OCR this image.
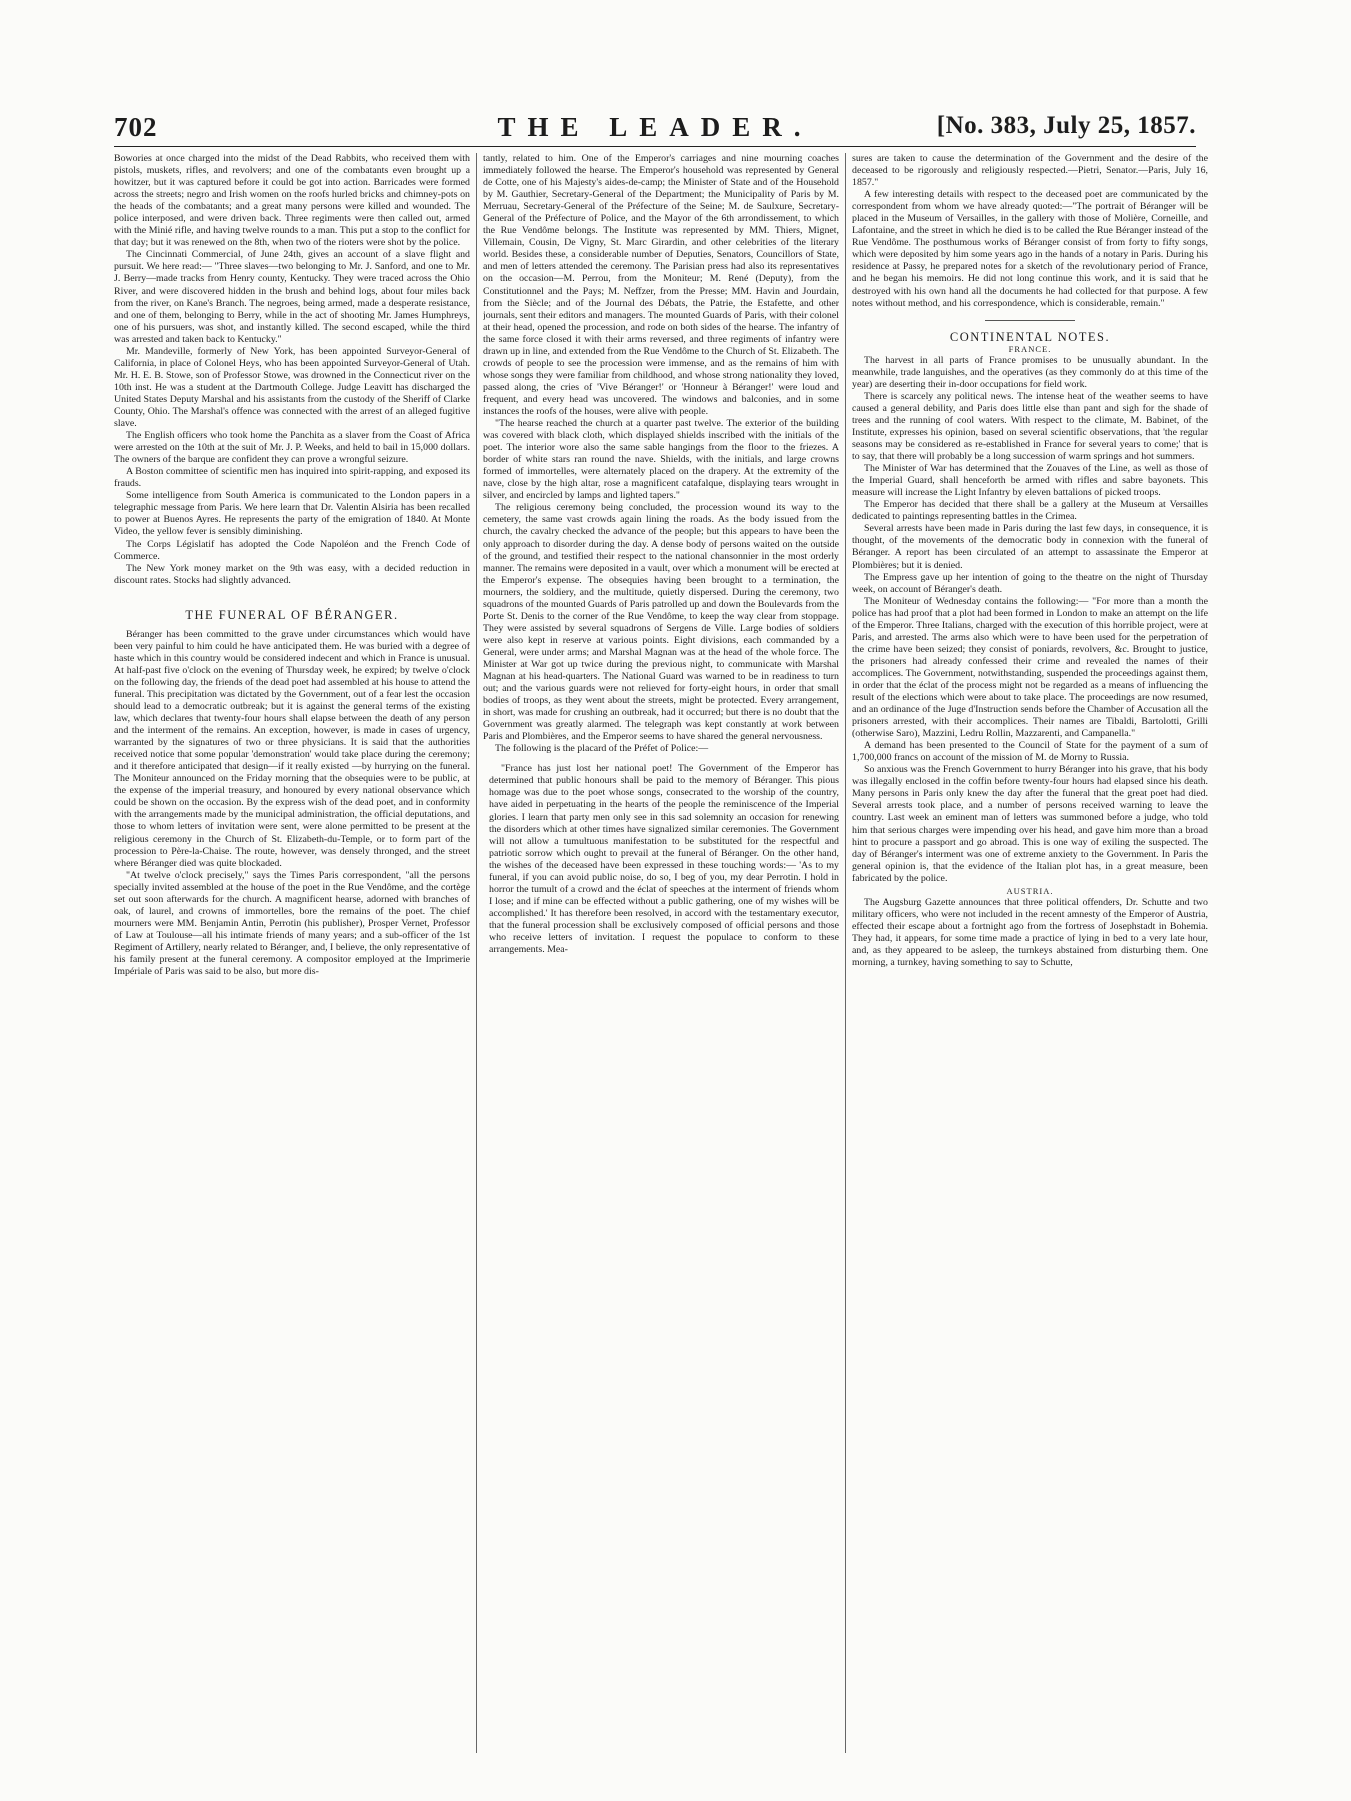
702	THE LEADER.	[No. 383, July 25, 1857.

Bowories at once charged into the midst of the Dead Rabbits, who received them with pistols, muskets, rifles, and revolvers; and one of the combatants even brought up a howitzer, but it was captured before it could be got into action. Barricades were formed across the streets; negro and Irish women on the roofs hurled bricks and chimney-pots on the heads of the combatants; and a great many persons were killed and wounded. The police interposed, and were driven back. Three regiments were then called out, armed with the Minié rifle, and having twelve rounds to a man. This put a stop to the conflict for that day; but it was renewed on the 8th, when two of the rioters were shot by the police.

The Cincinnati Commercial, of June 24th, gives an account of a slave flight and pursuit. We here read:— "Three slaves—two belonging to Mr. J. Sanford, and one to Mr. J. Berry—made tracks from Henry county, Kentucky. They were traced across the Ohio River, and were discovered hidden in the brush and behind logs, about four miles back from the river, on Kane's Branch. The negroes, being armed, made a desperate resistance, and one of them, belonging to Berry, while in the act of shooting Mr. James Humphreys, one of his pursuers, was shot, and instantly killed. The second escaped, while the third was arrested and taken back to Kentucky."

Mr. Mandeville, formerly of New York, has been appointed Surveyor-General of California, in place of Colonel Heys, who has been appointed Surveyor-General of Utah. Mr. H. E. B. Stowe, son of Professor Stowe, was drowned in the Connecticut river on the 10th inst. He was a student at the Dartmouth College. Judge Leavitt has discharged the United States Deputy Marshal and his assistants from the custody of the Sheriff of Clarke County, Ohio. The Marshal's offence was connected with the arrest of an alleged fugitive slave.

The English officers who took home the Panchita as a slaver from the Coast of Africa were arrested on the 10th at the suit of Mr. J. P. Weeks, and held to bail in 15,000 dollars. The owners of the barque are confident they can prove a wrongful seizure.

A Boston committee of scientific men has inquired into spirit-rapping, and exposed its frauds.

Some intelligence from South America is communicated to the London papers in a telegraphic message from Paris. We here learn that Dr. Valentin Alsiria has been recalled to power at Buenos Ayres. He represents the party of the emigration of 1840. At Monte Video, the yellow fever is sensibly diminishing.

The Corps Législatif has adopted the Code Napoléon and the French Code of Commerce.

The New York money market on the 9th was easy, with a decided reduction in discount rates. Stocks had slightly advanced.

THE FUNERAL OF BÉRANGER.

Béranger has been committed to the grave under circumstances which would have been very painful to him could he have anticipated them. He was buried with a degree of haste which in this country would be considered indecent and which in France is unusual. At half-past five o'clock on the evening of Thursday week, he expired; by twelve o'clock on the following day, the friends of the dead poet had assembled at his house to attend the funeral. This precipitation was dictated by the Government, out of a fear lest the occasion should lead to a democratic outbreak; but it is against the general terms of the existing law, which declares that twenty-four hours shall elapse between the death of any person and the interment of the remains. An exception, however, is made in cases of urgency, warranted by the signatures of two or three physicians. It is said that the authorities received notice that some popular 'demonstration' would take place during the ceremony; and it therefore anticipated that design—if it really existed —by hurrying on the funeral. The Moniteur announced on the Friday morning that the obsequies were to be public, at the expense of the imperial treasury, and honoured by every national observance which could be shown on the occasion. By the express wish of the dead poet, and in conformity with the arrangements made by the municipal administration, the official deputations, and those to whom letters of invitation were sent, were alone permitted to be present at the religious ceremony in the Church of St. Elizabeth-du-Temple, or to form part of the procession to Père-la-Chaise. The route, however, was densely thronged, and the street where Béranger died was quite blockaded.

"At twelve o'clock precisely," says the Times Paris correspondent, "all the persons specially invited assembled at the house of the poet in the Rue Vendôme, and the cortège set out soon afterwards for the church. A magnificent hearse, adorned with branches of oak, of laurel, and crowns of immortelles, bore the remains of the poet. The chief mourners were MM. Benjamin Antin, Perrotin (his publisher), Prosper Vernet, Professor of Law at Toulouse—all his intimate friends of many years; and a sub-officer of the 1st Regiment of Artillery, nearly related to Béranger, and, I believe, the only representative of his family present at the funeral ceremony. A compositor employed at the Imprimerie Impériale of Paris was said to be also, but more dis-

tantly, related to him. One of the Emperor's carriages and nine mourning coaches immediately followed the hearse. The Emperor's household was represented by General de Cotte, one of his Majesty's aides-de-camp; the Minister of State and of the Household by M. Gauthier, Secretary-General of the Department; the Municipality of Paris by M. Merruau, Secretary-General of the Préfecture of the Seine; M. de Saulxure, Secretary-General of the Préfecture of Police, and the Mayor of the 6th arrondissement, to which the Rue Vendôme belongs. The Institute was represented by MM. Thiers, Mignet, Villemain, Cousin, De Vigny, St. Marc Girardin, and other celebrities of the literary world. Besides these, a considerable number of Deputies, Senators, Councillors of State, and men of letters attended the ceremony. The Parisian press had also its representatives on the occasion—M. Perrou, from the Moniteur; M. René (Deputy), from the Constitutionnel and the Pays; M. Neffzer, from the Presse; MM. Havin and Jourdain, from the Siècle; and of the Journal des Débats, the Patrie, the Estafette, and other journals, sent their editors and managers. The mounted Guards of Paris, with their colonel at their head, opened the procession, and rode on both sides of the hearse. The infantry of the same force closed it with their arms reversed, and three regiments of infantry were drawn up in line, and extended from the Rue Vendôme to the Church of St. Elizabeth. The crowds of people to see the procession were immense, and as the remains of him with whose songs they were familiar from childhood, and whose strong nationality they loved, passed along, the cries of 'Vive Béranger!' or 'Honneur à Béranger!' were loud and frequent, and every head was uncovered. The windows and balconies, and in some instances the roofs of the houses, were alive with people.

"The hearse reached the church at a quarter past twelve. The exterior of the building was covered with black cloth, which displayed shields inscribed with the initials of the poet. The interior wore also the same sable hangings from the floor to the friezes. A border of white stars ran round the nave. Shields, with the initials, and large crowns formed of immortelles, were alternately placed on the drapery. At the extremity of the nave, close by the high altar, rose a magnificent catafalque, displaying tears wrought in silver, and encircled by lamps and lighted tapers."

The religious ceremony being concluded, the procession wound its way to the cemetery, the same vast crowds again lining the roads. As the body issued from the church, the cavalry checked the advance of the people; but this appears to have been the only approach to disorder during the day. A dense body of persons waited on the outside of the ground, and testified their respect to the national chansonnier in the most orderly manner. The remains were deposited in a vault, over which a monument will be erected at the Emperor's expense. The obsequies having been brought to a termination, the mourners, the soldiery, and the multitude, quietly dispersed. During the ceremony, two squadrons of the mounted Guards of Paris patrolled up and down the Boulevards from the Porte St. Denis to the corner of the Rue Vendôme, to keep the way clear from stoppage. They were assisted by several squadrons of Sergens de Ville. Large bodies of soldiers were also kept in reserve at various points. Eight divisions, each commanded by a General, were under arms; and Marshal Magnan was at the head of the whole force. The Minister at War got up twice during the previous night, to communicate with Marshal Magnan at his head-quarters. The National Guard was warned to be in readiness to turn out; and the various guards were not relieved for forty-eight hours, in order that small bodies of troops, as they went about the streets, might be protected. Every arrangement, in short, was made for crushing an outbreak, had it occurred; but there is no doubt that the Government was greatly alarmed. The telegraph was kept constantly at work between Paris and Plombières, and the Emperor seems to have shared the general nervousness.

The following is the placard of the Préfet of Police:—

"France has just lost her national poet! The Government of the Emperor has determined that public honours shall be paid to the memory of Béranger. This pious homage was due to the poet whose songs, consecrated to the worship of the country, have aided in perpetuating in the hearts of the people the reminiscence of the Imperial glories. I learn that party men only see in this sad solemnity an occasion for renewing the disorders which at other times have signalized similar ceremonies. The Government will not allow a tumultuous manifestation to be substituted for the respectful and patriotic sorrow which ought to prevail at the funeral of Béranger. On the other hand, the wishes of the deceased have been expressed in these touching words:— 'As to my funeral, if you can avoid public noise, do so, I beg of you, my dear Perrotin. I hold in horror the tumult of a crowd and the éclat of speeches at the interment of friends whom I lose; and if mine can be effected without a public gathering, one of my wishes will be accomplished.' It has therefore been resolved, in accord with the testamentary executor, that the funeral procession shall be exclusively composed of official persons and those who receive letters of invitation. I request the populace to conform to these arrangements. Mea-

sures are taken to cause the determination of the Government and the desire of the deceased to be rigorously and religiously respected.—Pietri, Senator.—Paris, July 16, 1857."

A few interesting details with respect to the deceased poet are communicated by the correspondent from whom we have already quoted:—"The portrait of Béranger will be placed in the Museum of Versailles, in the gallery with those of Molière, Corneille, and Lafontaine, and the street in which he died is to be called the Rue Béranger instead of the Rue Vendôme. The posthumous works of Béranger consist of from forty to fifty songs, which were deposited by him some years ago in the hands of a notary in Paris. During his residence at Passy, he prepared notes for a sketch of the revolutionary period of France, and he began his memoirs. He did not long continue this work, and it is said that he destroyed with his own hand all the documents he had collected for that purpose. A few notes without method, and his correspondence, which is considerable, remain."

CONTINENTAL NOTES.
FRANCE.

The harvest in all parts of France promises to be unusually abundant. In the meanwhile, trade languishes, and the operatives (as they commonly do at this time of the year) are deserting their in-door occupations for field work.

There is scarcely any political news. The intense heat of the weather seems to have caused a general debility, and Paris does little else than pant and sigh for the shade of trees and the running of cool waters. With respect to the climate, M. Babinet, of the Institute, expresses his opinion, based on several scientific observations, that 'the regular seasons may be considered as re-established in France for several years to come;' that is to say, that there will probably be a long succession of warm springs and hot summers.

The Minister of War has determined that the Zouaves of the Line, as well as those of the Imperial Guard, shall henceforth be armed with rifles and sabre bayonets. This measure will increase the Light Infantry by eleven battalions of picked troops.

The Emperor has decided that there shall be a gallery at the Museum at Versailles dedicated to paintings representing battles in the Crimea.

Several arrests have been made in Paris during the last few days, in consequence, it is thought, of the movements of the democratic body in connexion with the funeral of Béranger. A report has been circulated of an attempt to assassinate the Emperor at Plombières; but it is denied.

The Empress gave up her intention of going to the theatre on the night of Thursday week, on account of Béranger's death.

The Moniteur of Wednesday contains the following:— "For more than a month the police has had proof that a plot had been formed in London to make an attempt on the life of the Emperor. Three Italians, charged with the execution of this horrible project, were at Paris, and arrested. The arms also which were to have been used for the perpetration of the crime have been seized; they consist of poniards, revolvers, &c. Brought to justice, the prisoners had already confessed their crime and revealed the names of their accomplices. The Government, notwithstanding, suspended the proceedings against them, in order that the éclat of the process might not be regarded as a means of influencing the result of the elections which were about to take place. The proceedings are now resumed, and an ordinance of the Juge d'Instruction sends before the Chamber of Accusation all the prisoners arrested, with their accomplices. Their names are Tibaldi, Bartolotti, Grilli (otherwise Saro), Mazzini, Ledru Rollin, Mazzarenti, and Campanella."

A demand has been presented to the Council of State for the payment of a sum of 1,700,000 francs on account of the mission of M. de Morny to Russia.

So anxious was the French Government to hurry Béranger into his grave, that his body was illegally enclosed in the coffin before twenty-four hours had elapsed since his death. Many persons in Paris only knew the day after the funeral that the great poet had died. Several arrests took place, and a number of persons received warning to leave the country. Last week an eminent man of letters was summoned before a judge, who told him that serious charges were impending over his head, and gave him more than a broad hint to procure a passport and go abroad. This is one way of exiling the suspected. The day of Béranger's interment was one of extreme anxiety to the Government. In Paris the general opinion is, that the evidence of the Italian plot has, in a great measure, been fabricated by the police.

AUSTRIA.

The Augsburg Gazette announces that three political offenders, Dr. Schutte and two military officers, who were not included in the recent amnesty of the Emperor of Austria, effected their escape about a fortnight ago from the fortress of Josephstadt in Bohemia. They had, it appears, for some time made a practice of lying in bed to a very late hour, and, as they appeared to be asleep, the turnkeys abstained from disturbing them. One morning, a turnkey, having something to say to Schutte,
